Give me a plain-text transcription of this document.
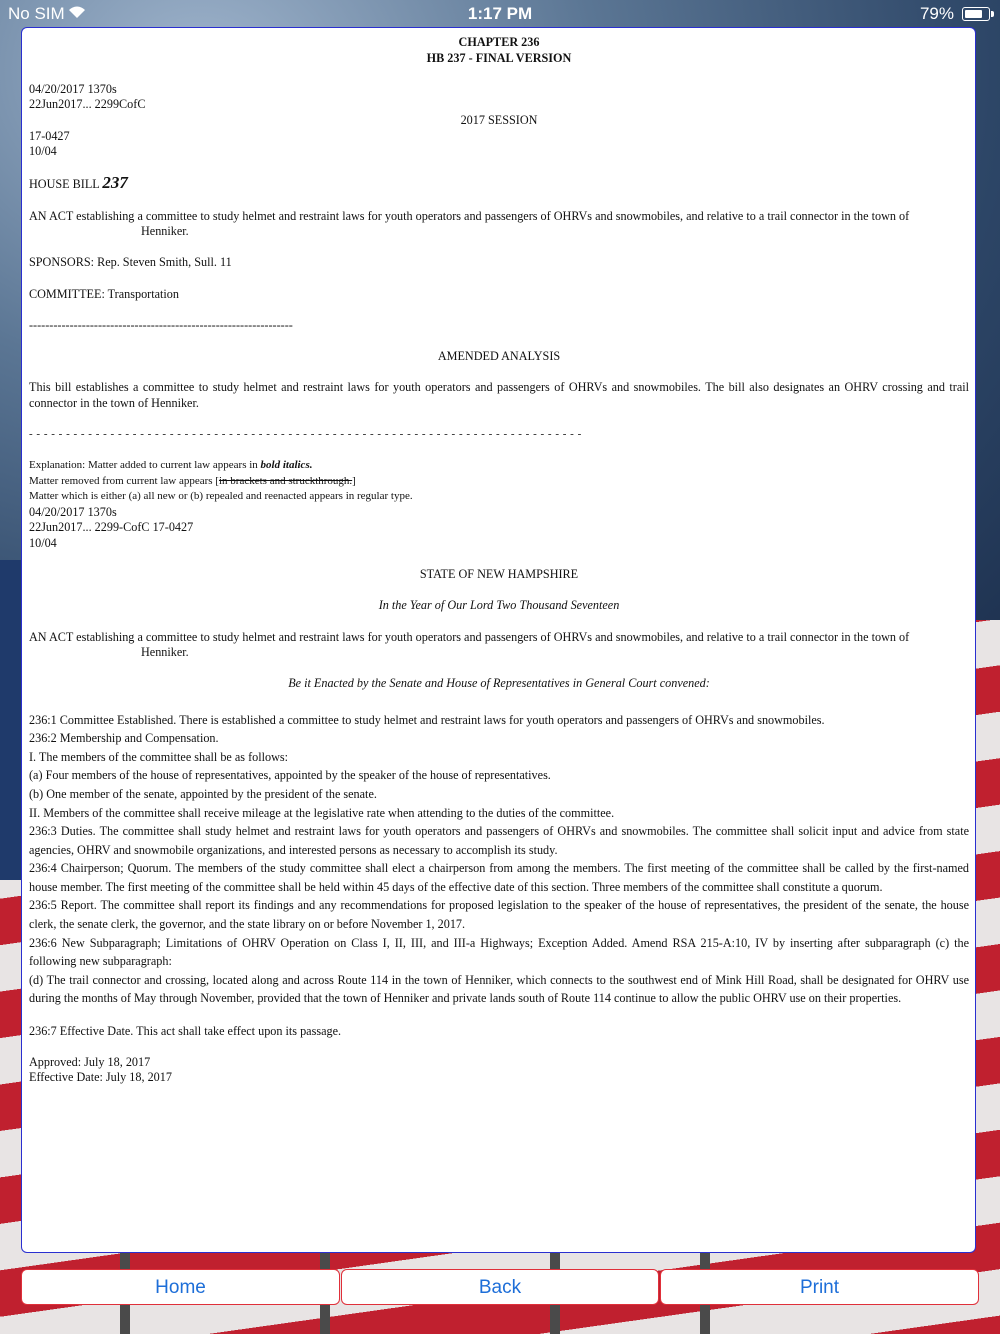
No SIM	1:17 PM	79%

CHAPTER 236

HB 237 - FINAL VERSION

04/20/2017 1370s

22Jun2017... 2299CofC

2017 SESSION

17-0427

10/04

HOUSE BILL 237

AN ACT establishing a committee to study helmet and restraint laws for youth operators and passengers of OHRVs and snowmobiles, and relative to a trail connector in the town of

Henniker.

SPONSORS: Rep. Steven Smith, Sull. 11

COMMITTEE: Transportation

-----------------------------------------------------------------

AMENDED ANALYSIS

This bill establishes a committee to study helmet and restraint laws for youth operators and passengers of OHRVs and snowmobiles. The bill also designates an OHRV crossing and trail connector in the town of Henniker.

- - - - - - - - - - - - - - - - - - - - - - - - - - - - - - - - - - - - - - - - - - - - - - - - - - - - - - - - - - - - - - - - - - - - - - - - - - -

Explanation: Matter added to current law appears in bold italics.

Matter removed from current law appears [in brackets and struckthrough.]

Matter which is either (a) all new or (b) repealed and reenacted appears in regular type.

04/20/2017 1370s

22Jun2017... 2299-CofC 17-0427

10/04

STATE OF NEW HAMPSHIRE

In the Year of Our Lord Two Thousand Seventeen

AN ACT establishing a committee to study helmet and restraint laws for youth operators and passengers of OHRVs and snowmobiles, and relative to a trail connector in the town of

Henniker.

Be it Enacted by the Senate and House of Representatives in General Court convened:

236:1 Committee Established. There is established a committee to study helmet and restraint laws for youth operators and passengers of OHRVs and snowmobiles.

236:2 Membership and Compensation.

I. The members of the committee shall be as follows:

(a) Four members of the house of representatives, appointed by the speaker of the house of representatives.

(b) One member of the senate, appointed by the president of the senate.

II. Members of the committee shall receive mileage at the legislative rate when attending to the duties of the committee.

236:3 Duties. The committee shall study helmet and restraint laws for youth operators and passengers of OHRVs and snowmobiles. The committee shall solicit input and advice from state agencies, OHRV and snowmobile organizations, and interested persons as necessary to accomplish its study.

236:4 Chairperson; Quorum. The members of the study committee shall elect a chairperson from among the members. The first meeting of the committee shall be called by the first-named house member. The first meeting of the committee shall be held within 45 days of the effective date of this section. Three members of the committee shall constitute a quorum.

236:5 Report. The committee shall report its findings and any recommendations for proposed legislation to the speaker of the house of representatives, the president of the senate, the house clerk, the senate clerk, the governor, and the state library on or before November 1, 2017.

236:6 New Subparagraph; Limitations of OHRV Operation on Class I, II, III, and III-a Highways; Exception Added. Amend RSA 215-A:10, IV by inserting after subparagraph (c) the following new subparagraph:

(d) The trail connector and crossing, located along and across Route 114 in the town of Henniker, which connects to the southwest end of Mink Hill Road, shall be designated for OHRV use during the months of May through November, provided that the town of Henniker and private lands south of Route 114 continue to allow the public OHRV use on their properties.

236:7 Effective Date. This act shall take effect upon its passage.

Approved: July 18, 2017

Effective Date: July 18, 2017

Home	Back	Print
